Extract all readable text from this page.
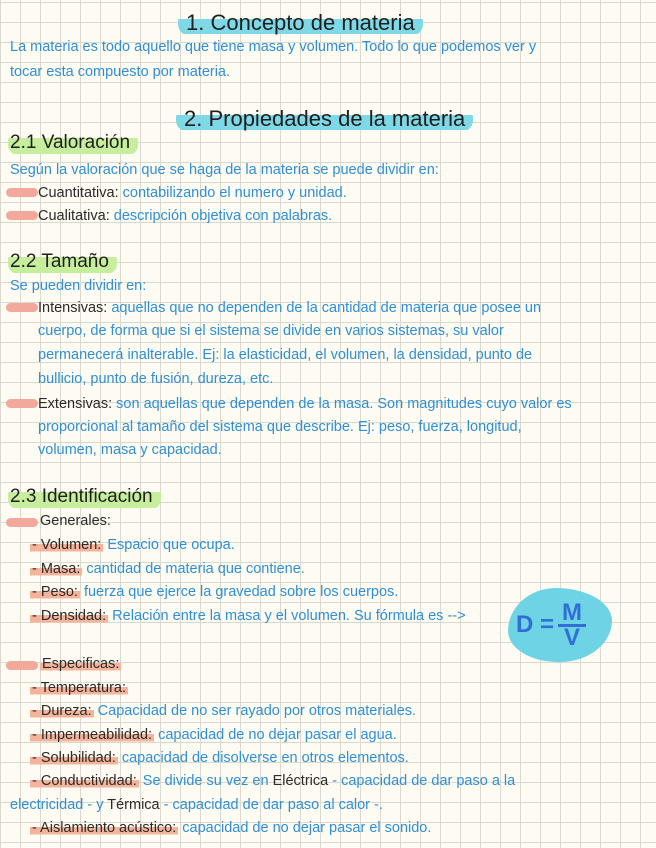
1. Concepto de materia
La materia es todo aquello que tiene masa y volumen. Todo lo que podemos ver y
tocar esta compuesto por materia.
2. Propiedades de la materia
2.1 Valoración
Según la valoración que se haga de la materia se puede dividir en:
Cuantitativa: contabilizando el numero y unidad.
Cualitativa: descripción objetiva con palabras.
2.2 Tamaño
Se pueden dividir en:
Intensivas: aquellas que no dependen de la cantidad de materia que posee un
cuerpo, de forma que si el sistema se divide en varios sistemas, su valor
permanecerá inalterable. Ej: la elasticidad, el volumen, la densidad, punto de
bullicio, punto de fusión, dureza, etc.
Extensivas: son aquellas que dependen de la masa. Son magnitudes cuyo valor es
proporcional al tamaño del sistema que describe. Ej: peso, fuerza, longitud,
volumen, masa y capacidad.
2.3 Identificación
Generales:
- Volumen: Espacio que ocupa.
- Masa: cantidad de materia que contiene.
- Peso: fuerza que ejerce la gravedad sobre los cuerpos.
- Densidad: Relación entre la masa y el volumen. Su fórmula es --> $D = \frac{M}{V}$
Especificas:
- Temperatura:
- Dureza: Capacidad de no ser rayado por otros materiales.
- Impermeabilidad: capacidad de no dejar pasar el agua.
- Solubilidad: capacidad de disolverse en otros elementos.
- Conductividad: Se divide su vez en Eléctrica - capacidad de dar paso a la
electricidad - y Térmica - capacidad de dar paso al calor -.
- Aislamiento acústico: capacidad de no dejar pasar el sonido.
